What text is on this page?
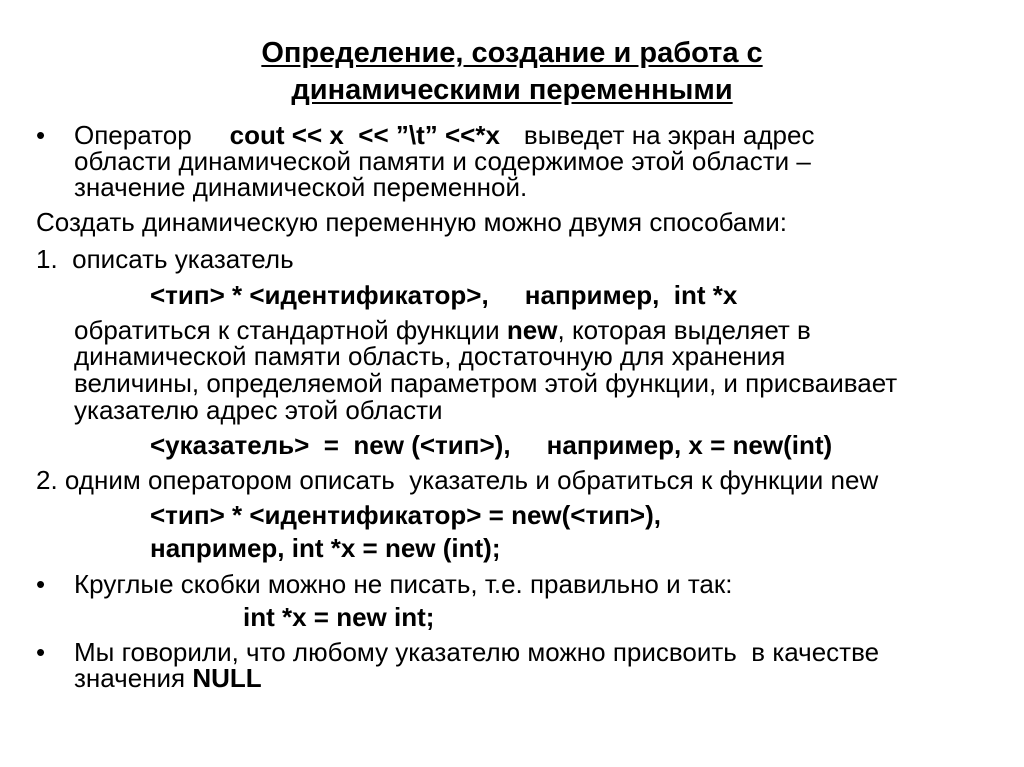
Определение, создание и работа с
динамическими переменными
• Оператор cout << x  << ”\t” <<*x выведет на экран адрес
области динамической памяти и содержимое этой области –
значение динамической переменной.
Создать динамическую переменную можно двумя способами:
1.  описать указатель
<тип> * <идентификатор>,     например,  int *x
обратиться к стандартной функции new, которая выделяет в
динамической памяти область, достаточную для хранения
величины, определяемой параметром этой функции, и присваивает
указателю адрес этой области
<указатель>  =  new (<тип>),     например, x = new(int)
2. одним оператором описать  указатель и обратиться к функции new
<тип> * <идентификатор> = new(<тип>),
например, int *x = new (int);
• Круглые скобки можно не писать, т.е. правильно и так:
int *x = new int;
• Мы говорили, что любому указателю можно присвоить  в качестве
значения NULL
